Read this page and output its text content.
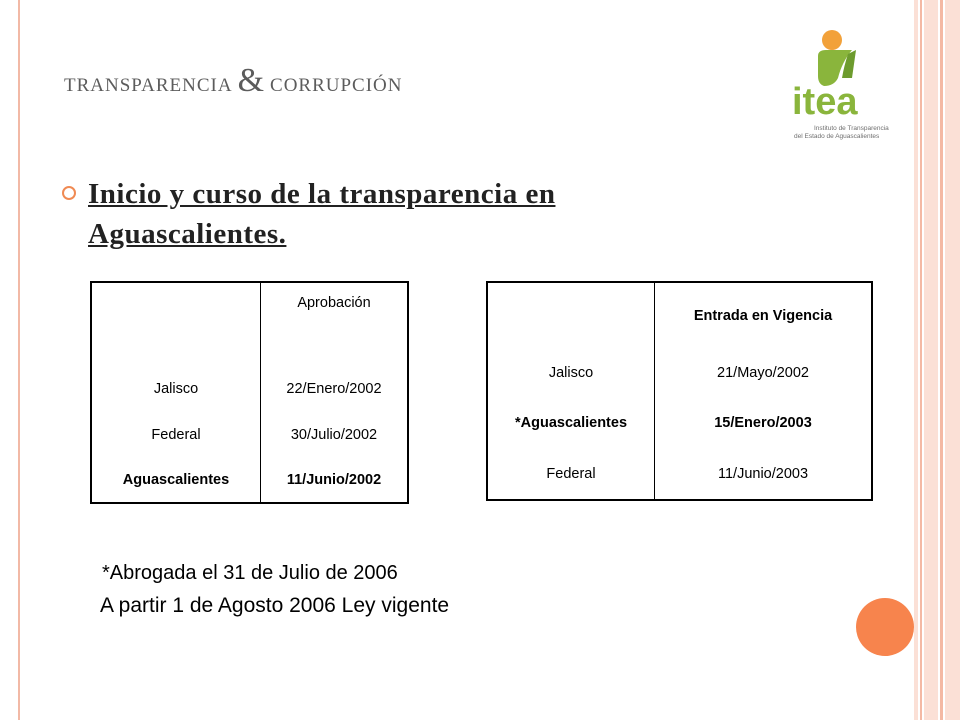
transparencia & corrupción	itea
Instituto de Transparencia
del Estado de Aguascalientes
Inicio y curso de la transparencia en Aguascalientes.
	Aprobación
Jalisco	22/Enero/2002
Federal	30/Julio/2002
Aguascalientes	11/Junio/2002
	Entrada en Vigencia
Jalisco	21/Mayo/2002
*Aguascalientes	15/Enero/2003
Federal	11/Junio/2003
*Abrogada el 31 de Julio de 2006
A partir 1 de Agosto 2006 Ley vigente
